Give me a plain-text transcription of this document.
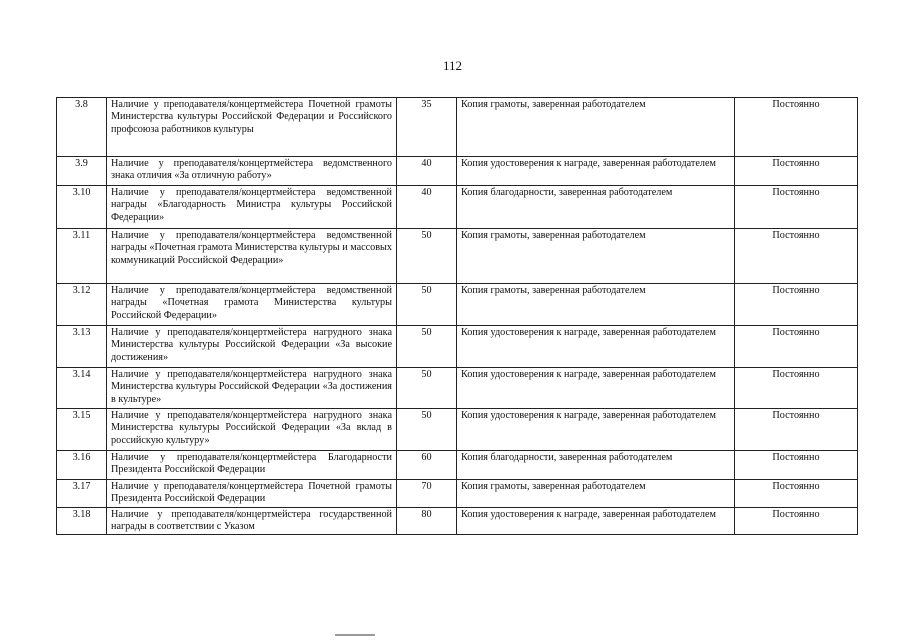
112
3.8	Наличие у преподавателя/концертмейстера Почетной грамоты Министерства культуры Российской Федерации и Российского профсоюза работников культуры	35	Копия грамоты, заверенная работодателем	Постоянно
3.9	Наличие у преподавателя/концертмейстера ведомственного знака отличия «За отличную работу»	40	Копия удостоверения к награде, заверенная работодателем	Постоянно
3.10	Наличие у преподавателя/концертмейстера ведомственной награды «Благодарность Министра культуры Российской Федерации»	40	Копия благодарности, заверенная работодателем	Постоянно
3.11	Наличие у преподавателя/концертмейстера ведомственной награды «Почетная грамота Министерства культуры и массовых коммуникаций Российской Федерации»	50	Копия грамоты, заверенная работодателем	Постоянно
3.12	Наличие у преподавателя/концертмейстера ведомственной награды «Почетная грамота Министерства культуры Российской Федерации»	50	Копия грамоты, заверенная работодателем	Постоянно
3.13	Наличие у преподавателя/концертмейстера нагрудного знака Министерства культуры Российской Федерации «За высокие достижения»	50	Копия удостоверения к награде, заверенная работодателем	Постоянно
3.14	Наличие у преподавателя/концертмейстера нагрудного знака Министерства культуры Российской Федерации «За достижения в культуре»	50	Копия удостоверения к награде, заверенная работодателем	Постоянно
3.15	Наличие у преподавателя/концертмейстера нагрудного знака Министерства культуры Российской Федерации «За вклад в российскую культуру»	50	Копия удостоверения к награде, заверенная работодателем	Постоянно
3.16	Наличие у преподавателя/концертмейстера Благодарности Президента Российской Федерации	60	Копия благодарности, заверенная работодателем	Постоянно
3.17	Наличие у преподавателя/концертмейстера Почетной грамоты Президента Российской Федерации	70	Копия грамоты, заверенная работодателем	Постоянно
3.18	Наличие у преподавателя/концертмейстера государственной награды в соответствии с Указом	80	Копия удостоверения к награде, заверенная работодателем	Постоянно
